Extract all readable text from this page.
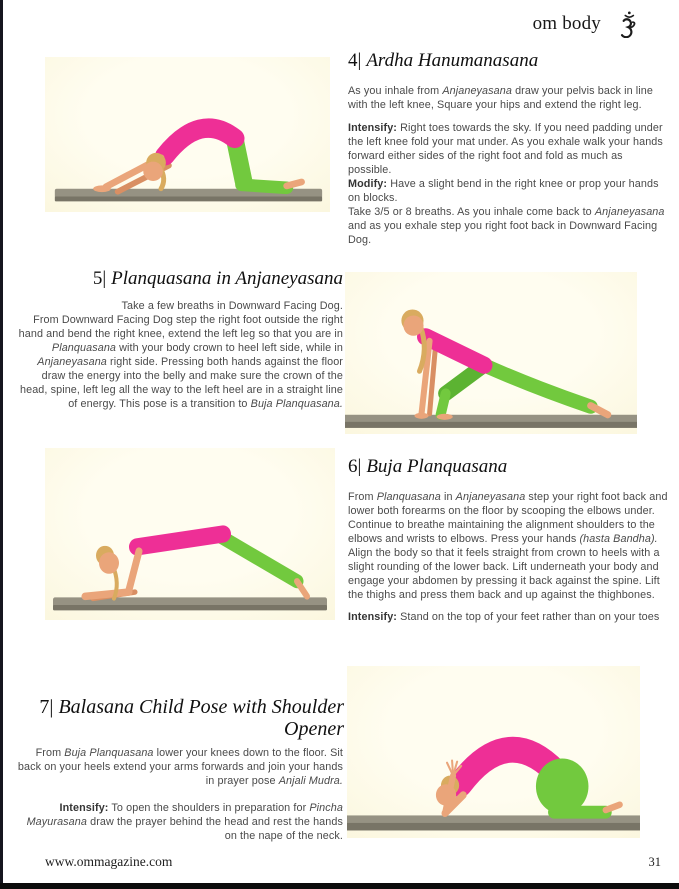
om body
4| Ardha Hanumanasana
As you inhale from Anjaneyasana draw your pelvis back in line with the left knee, Square your hips and extend the right leg.
Intensify: Right toes towards the sky. If you need padding under the left knee fold your mat under. As you exhale walk your hands forward either sides of the right foot and fold as much as possible.
Modify: Have a slight bend in the right knee or prop your hands on blocks.
Take 3/5 or 8 breaths. As you inhale come back to Anjaneyasana and as you exhale step you right foot back in Downward Facing Dog.
5| Planquasana in Anjaneyasana
Take a few breaths in Downward Facing Dog.
From Downward Facing Dog step the right foot outside the right hand and bend the right knee, extend the left leg so that you are in Planquasana with your body crown to heel left side, while in Anjaneyasana right side. Pressing both hands against the floor draw the energy into the belly and make sure the crown of the head, spine, left leg all the way to the left heel are in a straight line of energy. This pose is a transition to Buja Planquasana.
6| Buja Planquasana
From Planquasana in Anjaneyasana step your right foot back and lower both forearms on the floor by scooping the elbows under. Continue to breathe maintaining the alignment shoulders to the elbows and wrists to elbows. Press your hands (hasta Bandha). Align the body so that it feels straight from crown to heels with a slight rounding of the lower back. Lift underneath your body and engage your abdomen by pressing it back against the spine. Lift the thighs and press them back and up against the thighbones.
Intensify: Stand on the top of your feet rather than on your toes
7| Balasana Child Pose with Shoulder Opener
From Buja Planquasana lower your knees down to the floor. Sit back on your heels extend your arms forwards and join your hands in prayer pose Anjali Mudra.
Intensify: To open the shoulders in preparation for Pincha Mayurasana draw the prayer behind the head and rest the hands on the nape of the neck.
www.ommagazine.com	31
